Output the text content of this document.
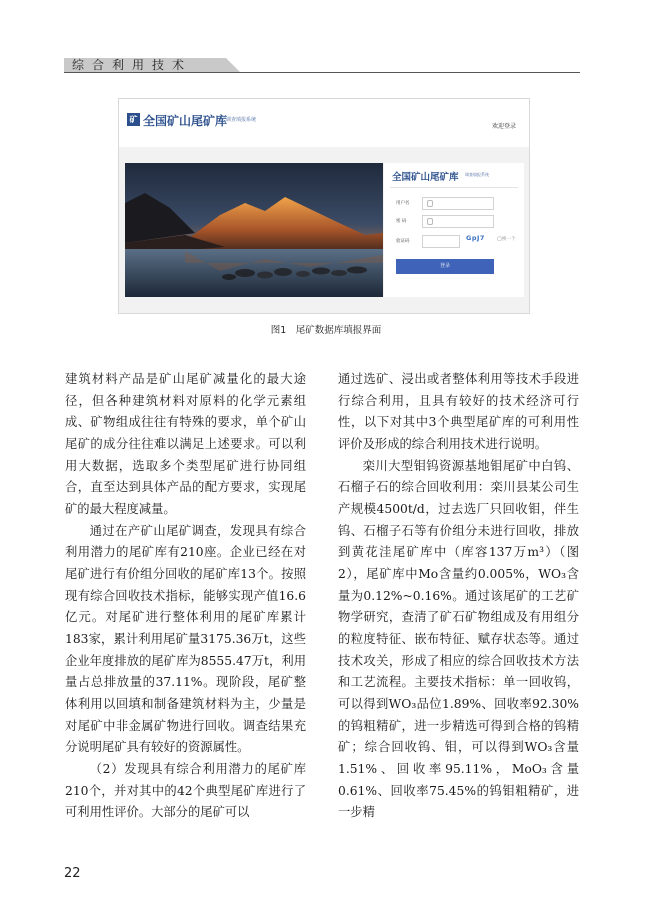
综合利用技术
矿 全国矿山尾矿库
调查填报系统
欢迎登录
全国矿山尾矿库 调查填报系统
用户名
密 码
验证码	GpJ7	◯换一个
登录
图1　尾矿数据库填报界面

建筑材料产品是矿山尾矿减量化的最大途径，但各种建筑材料对原料的化学元素组成、矿物组成往往有特殊的要求，单个矿山尾矿的成分往往难以满足上述要求。可以利用大数据，选取多个类型尾矿进行协同组合，直至达到具体产品的配方要求，实现尾矿的最大程度减量。

通过在产矿山尾矿调查，发现具有综合利用潜力的尾矿库有210座。企业已经在对尾矿进行有价组分回收的尾矿库13个。按照现有综合回收技术指标，能够实现产值16.6 亿元。对尾矿进行整体利用的尾矿库累计183家，累计利用尾矿量3175.36万t，这些企业年度排放的尾矿库为8555.47万t，利用量占总排放量的37.11%。现阶段，尾矿整体利用以回填和制备建筑材料为主，少量是对尾矿中非金属矿物进行回收。调查结果充分说明尾矿具有较好的资源属性。

（2）发现具有综合利用潜力的尾矿库210个，并对其中的42个典型尾矿库进行了可利用性评价。大部分的尾矿可以

通过选矿、浸出或者整体利用等技术手段进行综合利用，且具有较好的技术经济可行性，以下对其中3个典型尾矿库的可利用性评价及形成的综合利用技术进行说明。

栾川大型钼钨资源基地钼尾矿中白钨、石榴子石的综合回收利用：栾川县某公司生产规模4500t/d，过去选厂只回收钼，伴生钨、石榴子石等有价组分未进行回收，排放到黄花洼尾矿库中（库容137万m³）（图2），尾矿库中Mo含量约0.005%，WO₃含量为0.12%~0.16%。通过该尾矿的工艺矿物学研究，查清了矿石矿物组成及有用组分的粒度特征、嵌布特征、赋存状态等。通过技术攻关，形成了相应的综合回收技术方法和工艺流程。主要技术指标：单一回收钨，可以得到WO₃品位1.89%、回收率92.30%的钨粗精矿，进一步精选可得到合格的钨精矿；综合回收钨、钼，可以得到WO₃含量1.51%、回收率95.11%，MoO₃含量0.61%、回收率75.45%的钨钼粗精矿，进一步精

22
